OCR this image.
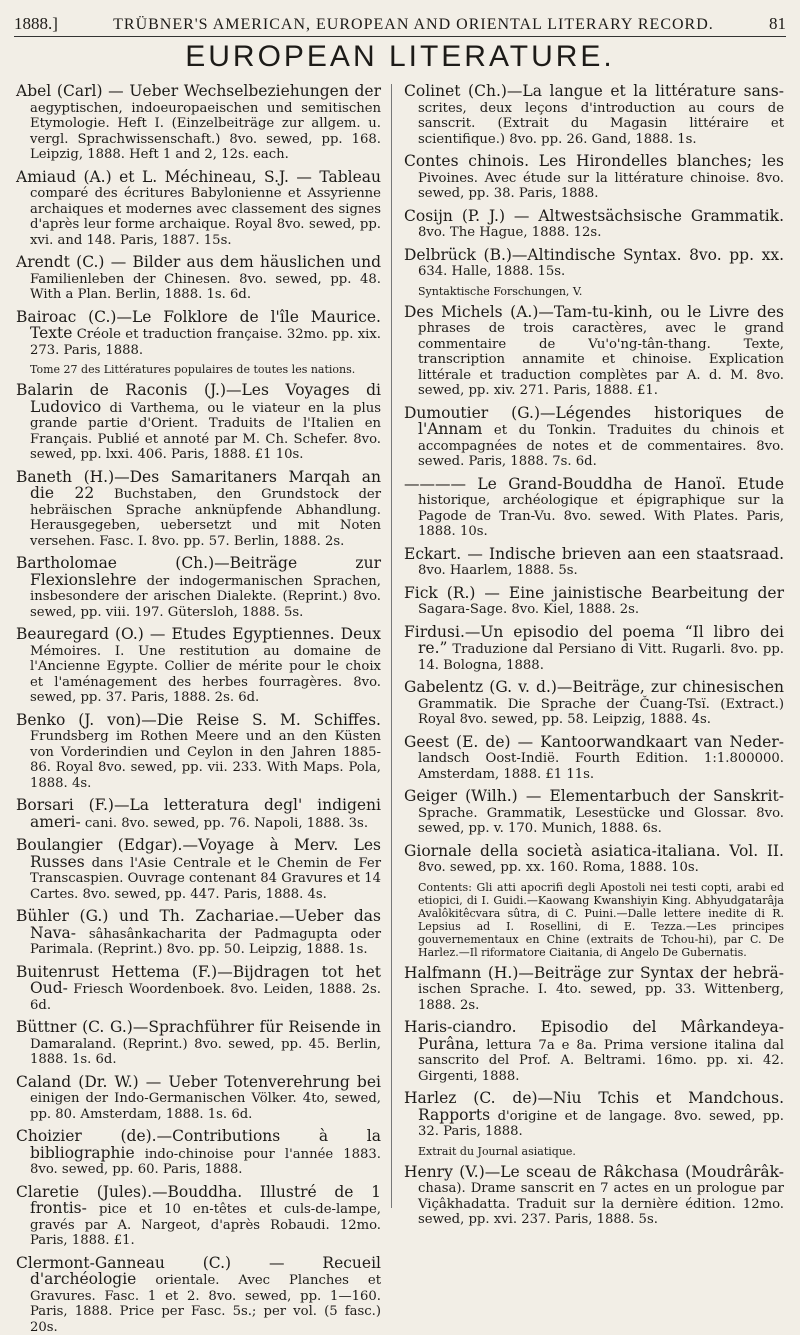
1888.]	TRÜBNER'S AMERICAN, EUROPEAN AND ORIENTAL LITERARY RECORD.	81
EUROPEAN LITERATURE.

Abel (Carl) — Ueber Wechselbeziehungen der aegyptischen, indoeuropaeischen und semitischen Etymologie. Heft I. (Einzelbeiträge zur allgem. u. vergl. Sprachwissenschaft.) 8vo. sewed, pp. 168. Leipzig, 1888. Heft 1 and 2, 12s. each.

Amiaud (A.) et L. Méchineau, S.J. — Tableau comparé des écritures Babylonienne et Assyrienne archaiques et modernes avec classement des signes d'après leur forme archaique. Royal 8vo. sewed, pp. xvi. and 148. Paris, 1887. 15s.

Arendt (C.) — Bilder aus dem häuslichen und Familienleben der Chinesen. 8vo. sewed, pp. 48. With a Plan. Berlin, 1888. 1s. 6d.

Bairoac (C.)—Le Folklore de l'île Maurice. Texte Créole et traduction française. 32mo. pp. xix. 273. Paris, 1888.

Tome 27 des Littératures populaires de toutes les nations.

Balarin de Raconis (J.)—Les Voyages di Ludovico di Varthema, ou le viateur en la plus grande partie d'Orient. Traduits de l'Italien en Français. Publié et annoté par M. Ch. Schefer. 8vo. sewed, pp. lxxi. 406. Paris, 1888. £1 10s.

Baneth (H.)—Des Samaritaners Marqah an die 22 Buchstaben, den Grundstock der hebräischen Sprache anknüpfende Abhandlung. Herausgegeben, uebersetzt und mit Noten versehen. Fasc. I. 8vo. pp. 57. Berlin, 1888. 2s.

Bartholomae (Ch.)—Beiträge zur Flexionslehre der indogermanischen Sprachen, insbesondere der arischen Dialekte. (Reprint.) 8vo. sewed, pp. viii. 197. Gütersloh, 1888. 5s.

Beauregard (O.) — Etudes Egyptiennes. Deux Mémoires. I. Une restitution au domaine de l'Ancienne Egypte. Collier de mérite pour le choix et l'aménagement des herbes fourragères. 8vo. sewed, pp. 37. Paris, 1888. 2s. 6d.

Benko (J. von)—Die Reise S. M. Schiffes. Frundsberg im Rothen Meere und an den Küsten von Vorderindien und Ceylon in den Jahren 1885-86. Royal 8vo. sewed, pp. vii. 233. With Maps. Pola, 1888. 4s.

Borsari (F.)—La letteratura degl' indigeni ameri- cani. 8vo. sewed, pp. 76. Napoli, 1888. 3s.

Boulangier (Edgar).—Voyage à Merv. Les Russes dans l'Asie Centrale et le Chemin de Fer Transcaspien. Ouvrage contenant 84 Gravures et 14 Cartes. 8vo. sewed, pp. 447. Paris, 1888. 4s.

Bühler (G.) und Th. Zachariae.—Ueber das Nava- sâhasânkacharita der Padmagupta oder Parimala. (Reprint.) 8vo. pp. 50. Leipzig, 1888. 1s.

Buitenrust Hettema (F.)—Bijdragen tot het Oud- Friesch Woordenboek. 8vo. Leiden, 1888. 2s. 6d.

Büttner (C. G.)—Sprachführer für Reisende in Damaraland. (Reprint.) 8vo. sewed, pp. 45. Berlin, 1888. 1s. 6d.

Caland (Dr. W.) — Ueber Totenverehrung bei einigen der Indo-Germanischen Völker. 4to, sewed, pp. 80. Amsterdam, 1888. 1s. 6d.

Choizier (de).—Contributions à la bibliographie indo-chinoise pour l'année 1883. 8vo. sewed, pp. 60. Paris, 1888.

Claretie (Jules).—Bouddha. Illustré de 1 frontis- pice et 10 en-têtes et culs-de-lampe, gravés par A. Nargeot, d'après Robaudi. 12mo. Paris, 1888. £1.

Clermont-Ganneau (C.) — Recueil d'archéologie orientale. Avec Planches et Gravures. Fasc. 1 et 2. 8vo. sewed, pp. 1—160. Paris, 1888. Price per Fasc. 5s.; per vol. (5 fasc.) 20s.

Colinet (Ch.)—La langue et la littérature sans- scrites, deux leçons d'introduction au cours de sanscrit. (Extrait du Magasin littéraire et scientifique.) 8vo. pp. 26. Gand, 1888. 1s.

Contes chinois. Les Hirondelles blanches; les Pivoines. Avec étude sur la littérature chinoise. 8vo. sewed, pp. 38. Paris, 1888.

Cosijn (P. J.) — Altwestsächsische Grammatik. 8vo. The Hague, 1888. 12s.

Delbrück (B.)—Altindische Syntax. 8vo. pp. xx. 634. Halle, 1888. 15s.

Syntaktische Forschungen, V.

Des Michels (A.)—Tam-tu-kinh, ou le Livre des phrases de trois caractères, avec le grand commentaire de Vu'o'ng-tân-thang. Texte, transcription annamite et chinoise. Explication littérale et traduction complètes par A. d. M. 8vo. sewed, pp. xiv. 271. Paris, 1888. £1.

Dumoutier (G.)—Légendes historiques de l'Annam et du Tonkin. Traduites du chinois et accompagnées de notes et de commentaires. 8vo. sewed. Paris, 1888. 7s. 6d.

———— Le Grand-Bouddha de Hanoï. Etude historique, archéologique et épigraphique sur la Pagode de Tran-Vu. 8vo. sewed. With Plates. Paris, 1888. 10s.

Eckart. — Indische brieven aan een staatsraad. 8vo. Haarlem, 1888. 5s.

Fick (R.) — Eine jainistische Bearbeitung der Sagara-Sage. 8vo. Kiel, 1888. 2s.

Firdusi.—Un episodio del poema “Il libro dei re.” Traduzione dal Persiano di Vitt. Rugarli. 8vo. pp. 14. Bologna, 1888.

Gabelentz (G. v. d.)—Beiträge, zur chinesischen Grammatik. Die Sprache der Čuang-Tsï. (Extract.) Royal 8vo. sewed, pp. 58. Leipzig, 1888. 4s.

Geest (E. de) — Kantoorwandkaart van Neder- landsch Oost-Indië. Fourth Edition. 1:1.800000. Amsterdam, 1888. £1 11s.

Geiger (Wilh.) — Elementarbuch der Sanskrit- Sprache. Grammatik, Lesestücke und Glossar. 8vo. sewed, pp. v. 170. Munich, 1888. 6s.

Giornale della società asiatica-italiana. Vol. II. 8vo. sewed, pp. xx. 160. Roma, 1888. 10s.

Contents: Gli atti apocrifi degli Apostoli nei testi copti, arabi ed etiopici, di I. Guidi.—Kaowang Kwanshiyin King. Abhyudgatarâja Avalôkitêcvara sûtra, di C. Puini.—Dalle lettere inedite di R. Lepsius ad I. Rosellini, di E. Tezza.—Les principes gouvernementaux en Chine (extraits de Tchou-hi), par C. De Harlez.—Il riformatore Ciaitania, di Angelo De Gubernatis.

Halfmann (H.)—Beiträge zur Syntax der hebrä- ischen Sprache. I. 4to. sewed, pp. 33. Wittenberg, 1888. 2s.

Haris-ciandro. Episodio del Mârkandeya-Purâna, lettura 7a e 8a. Prima versione italina dal sanscrito del Prof. A. Beltrami. 16mo. pp. xi. 42. Girgenti, 1888.

Harlez (C. de)—Niu Tchis et Mandchous. Rapports d'origine et de langage. 8vo. sewed, pp. 32. Paris, 1888.

Extrait du Journal asiatique.

Henry (V.)—Le sceau de Râkchasa (Moudrârâk- chasa). Drame sanscrit en 7 actes en un prologue par Viçâkhadatta. Traduit sur la dernière édition. 12mo. sewed, pp. xvi. 237. Paris, 1888. 5s.
